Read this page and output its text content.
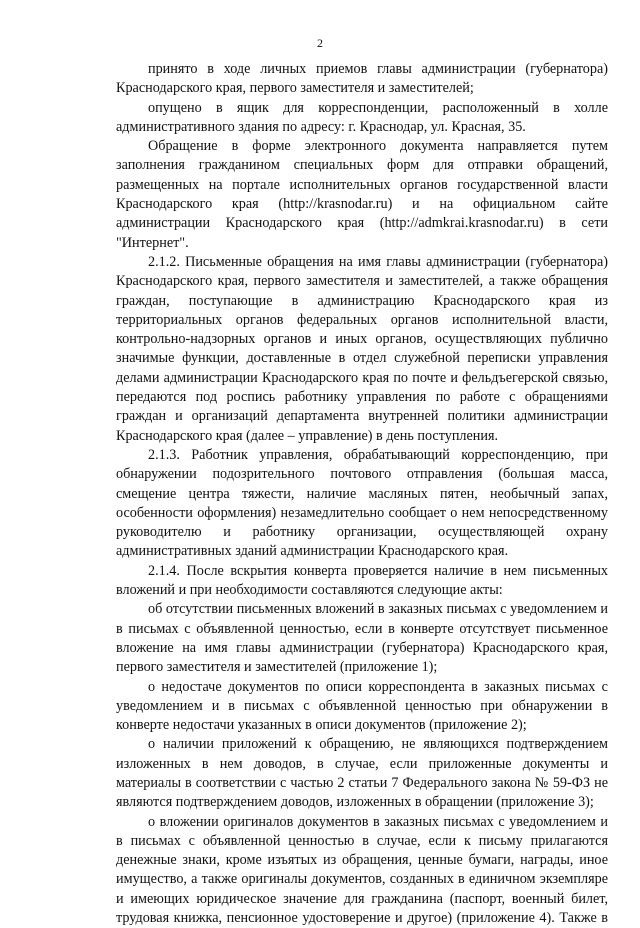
2

принято в ходе личных приемов главы администрации (губернатора) Краснодарского края, первого заместителя и заместителей;

опущено в ящик для корреспонденции, расположенный в холле административного здания по адресу: г. Краснодар, ул. Красная, 35.

Обращение в форме электронного документа направляется путем заполнения гражданином специальных форм для отправки обращений, размещенных на портале исполнительных органов государственной власти Краснодарского края (http://krasnodar.ru) и на официальном сайте администрации Краснодарского края (http://admkrai.krasnodar.ru) в сети "Интернет".

2.1.2. Письменные обращения на имя главы администрации (губернатора) Краснодарского края, первого заместителя и заместителей, а также обращения граждан, поступающие в администрацию Краснодарского края из территориальных органов федеральных органов исполнительной власти, контрольно-надзорных органов и иных органов, осуществляющих публично значимые функции, доставленные в отдел служебной переписки управления делами администрации Краснодарского края по почте и фельдъегерской связью, передаются под роспись работнику управления по работе с обращениями граждан и организаций департамента внутренней политики администрации Краснодарского края (далее – управление) в день поступления.

2.1.3. Работник управления, обрабатывающий корреспонденцию, при обнаружении подозрительного почтового отправления (большая масса, смещение центра тяжести, наличие масляных пятен, необычный запах, особенности оформления) незамедлительно сообщает о нем непосредственному руководителю и работнику организации, осуществляющей охрану административных зданий администрации Краснодарского края.

2.1.4. После вскрытия конверта проверяется наличие в нем письменных вложений и при необходимости составляются следующие акты:

об отсутствии письменных вложений в заказных письмах с уведомлением и в письмах с объявленной ценностью, если в конверте отсутствует письменное вложение на имя главы администрации (губернатора) Краснодарского края, первого заместителя и заместителей (приложение 1);

о недостаче документов по описи корреспондента в заказных письмах с уведомлением и в письмах с объявленной ценностью при обнаружении в конверте недостачи указанных в описи документов (приложение 2);

о наличии приложений к обращению, не являющихся подтверждением изложенных в нем доводов, в случае, если приложенные документы и материалы в соответствии с частью 2 статьи 7 Федерального закона № 59-ФЗ не являются подтверждением доводов, изложенных в обращении (приложение 3);

о вложении оригиналов документов в заказных письмах с уведомлением и в письмах с объявленной ценностью в случае, если к письму прилагаются денежные знаки, кроме изъятых из обращения, ценные бумаги, награды, иное имущество, а также оригиналы документов, созданных в единичном экземпляре и имеющих юридическое значение для гражданина (паспорт, военный билет, трудовая книжка, пенсионное удостоверение и другое) (приложение 4). Также в
